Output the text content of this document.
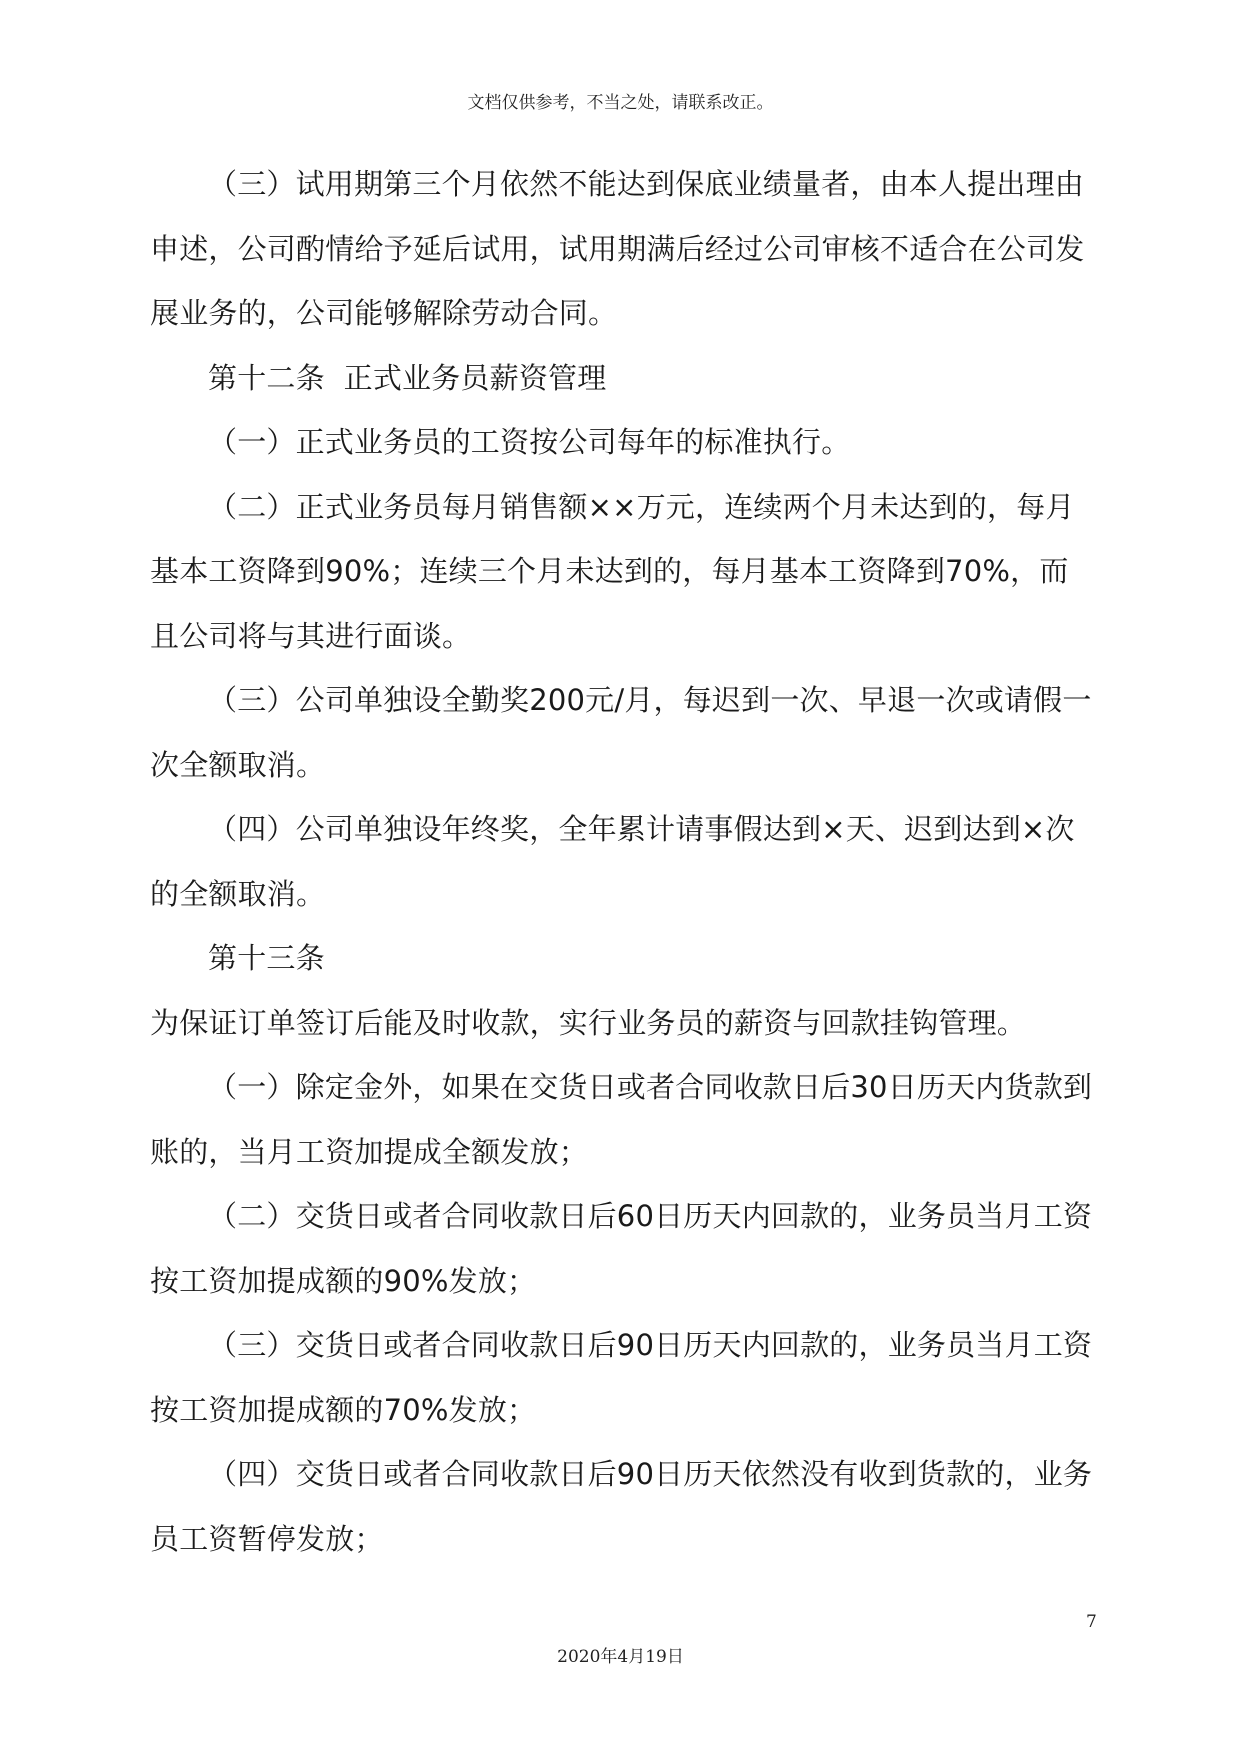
文档仅供参考，不当之处，请联系改正。

（三）试用期第三个月依然不能达到保底业绩量者，由本人提出理由申述，公司酌情给予延后试用，试用期满后经过公司审核不适合在公司发展业务的，公司能够解除劳动合同。

第十二条  正式业务员薪资管理

（一）正式业务员的工资按公司每年的标准执行。

（二）正式业务员每月销售额××万元，连续两个月未达到的，每月基本工资降到90%；连续三个月未达到的，每月基本工资降到70%，而且公司将与其进行面谈。

（三）公司单独设全勤奖200元/月，每迟到一次、早退一次或请假一次全额取消。

（四）公司单独设年终奖，全年累计请事假达到×天、迟到达到×次的全额取消。

第十三条

为保证订单签订后能及时收款，实行业务员的薪资与回款挂钩管理。

（一）除定金外，如果在交货日或者合同收款日后30日历天内货款到账的，当月工资加提成全额发放；

（二）交货日或者合同收款日后60日历天内回款的，业务员当月工资按工资加提成额的90%发放；

（三）交货日或者合同收款日后90日历天内回款的，业务员当月工资按工资加提成额的70%发放；

（四）交货日或者合同收款日后90日历天依然没有收到货款的，业务员工资暂停发放；

7
2020年4月19日
